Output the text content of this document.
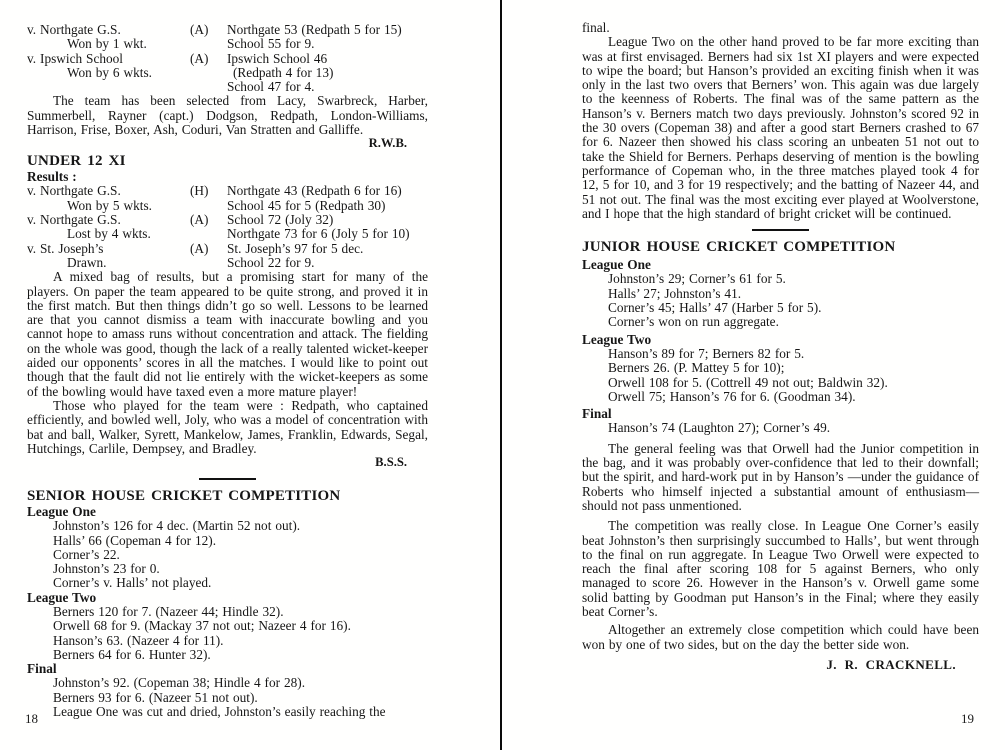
v. Northgate G.S.
Won by 1 wkt.
(A)	Northgate 53 (Redpath 5 for 15)
School 55 for 9.
v. Ipswich School
Won by 6 wkts.
(A)	Ipswich School 46
(Redpath 4 for 13)
School 47 for 4.

The team has been selected from Lacy, Swarbreck, Harber, Summerbell, Rayner (capt.) Dodgson, Redpath, London-Williams, Harrison, Frise, Boxer, Ash, Coduri, Van Stratten and Galliffe.

R.W.B.
UNDER 12 XI
Results :
v. Northgate G.S.
Won by 5 wkts.
(H)	Northgate 43 (Redpath 6 for 16)
School 45 for 5 (Redpath 30)
v. Northgate G.S.
Lost by 4 wkts.
(A)	School 72 (Joly 32)
Northgate 73 for 6 (Joly 5 for 10)
v. St. Joseph’s
Drawn.
(A)	St. Joseph’s 97 for 5 dec.
School 22 for 9.

A mixed bag of results, but a promising start for many of the players. On paper the team appeared to be quite strong, and proved it in the first match. But then things didn’t go so well. Lessons to be learned are that you cannot dismiss a team with inaccurate bowling and you cannot hope to amass runs without concentration and attack. The fielding on the whole was good, though the lack of a really talented wicket-keeper aided our opponents’ scores in all the matches. I would like to point out though that the fault did not lie entirely with the wicket-keepers as some of the bowling would have taxed even a more mature player!

Those who played for the team were : Redpath, who captained efficiently, and bowled well, Joly, who was a model of concentration with bat and ball, Walker, Syrett, Mankelow, James, Franklin, Edwards, Segal, Hutchings, Carlile, Dempsey, and Bradley.

B.S.S.
SENIOR HOUSE CRICKET COMPETITION
League One
Johnston’s 126 for 4 dec. (Martin 52 not out).
Halls’ 66 (Copeman 4 for 12).
Corner’s 22.
Johnston’s 23 for 0.
Corner’s v. Halls’ not played.
League Two
Berners 120 for 7. (Nazeer 44; Hindle 32).
Orwell 68 for 9. (Mackay 37 not out; Nazeer 4 for 16).
Hanson’s 63. (Nazeer 4 for 11).
Berners 64 for 6. Hunter 32).
Final
Johnston’s 92. (Copeman 38; Hindle 4 for 28).
Berners 93 for 6. (Nazeer 51 not out).
League One was cut and dried, Johnston’s easily reaching the

final.

League Two on the other hand proved to be far more exciting than was at first envisaged. Berners had six 1st XI players and were expected to wipe the board; but Hanson’s provided an exciting finish when it was only in the last two overs that Berners’ won. This again was due largely to the keenness of Roberts. The final was of the same pattern as the Hanson’s v. Berners match two days previously. Johnston’s scored 92 in the 30 overs (Copeman 38) and after a good start Berners crashed to 67 for 6. Nazeer then showed his class scoring an unbeaten 51 not out to take the Shield for Berners. Perhaps deserving of mention is the bowling performance of Copeman who, in the three matches played took 4 for 12, 5 for 10, and 3 for 19 respectively; and the batting of Nazeer 44, and 51 not out. The final was the most exciting ever played at Woolverstone, and I hope that the high standard of bright cricket will be continued.

JUNIOR HOUSE CRICKET COMPETITION
League One
Johnston’s 29; Corner’s 61 for 5.
Halls’ 27; Johnston’s 41.
Corner’s 45; Halls’ 47 (Harber 5 for 5).
Corner’s won on run aggregate.
League Two
Hanson’s 89 for 7; Berners 82 for 5.
Berners 26. (P. Mattey 5 for 10);
Orwell 108 for 5. (Cottrell 49 not out; Baldwin 32).
Orwell 75; Hanson’s 76 for 6. (Goodman 34).
Final
Hanson’s 74 (Laughton 27); Corner’s 49.

The general feeling was that Orwell had the Junior competition in the bag, and it was probably over-confidence that led to their downfall; but the spirit, and hard-work put in by Hanson’s —under the guidance of Roberts who himself injected a substantial amount of enthusiasm—should not pass unmentioned.

The competition was really close. In League One Corner’s easily beat Johnston’s then surprisingly succumbed to Halls’, but went through to the final on run aggregate. In League Two Orwell were expected to reach the final after scoring 108 for 5 against Berners, who only managed to score 26. However in the Hanson’s v. Orwell game some solid batting by Goodman put Hanson’s in the Final; where they easily beat Corner’s.

Altogether an extremely close competition which could have been won by one of two sides, but on the day the better side won.

J. R. CRACKNELL.
18	19
